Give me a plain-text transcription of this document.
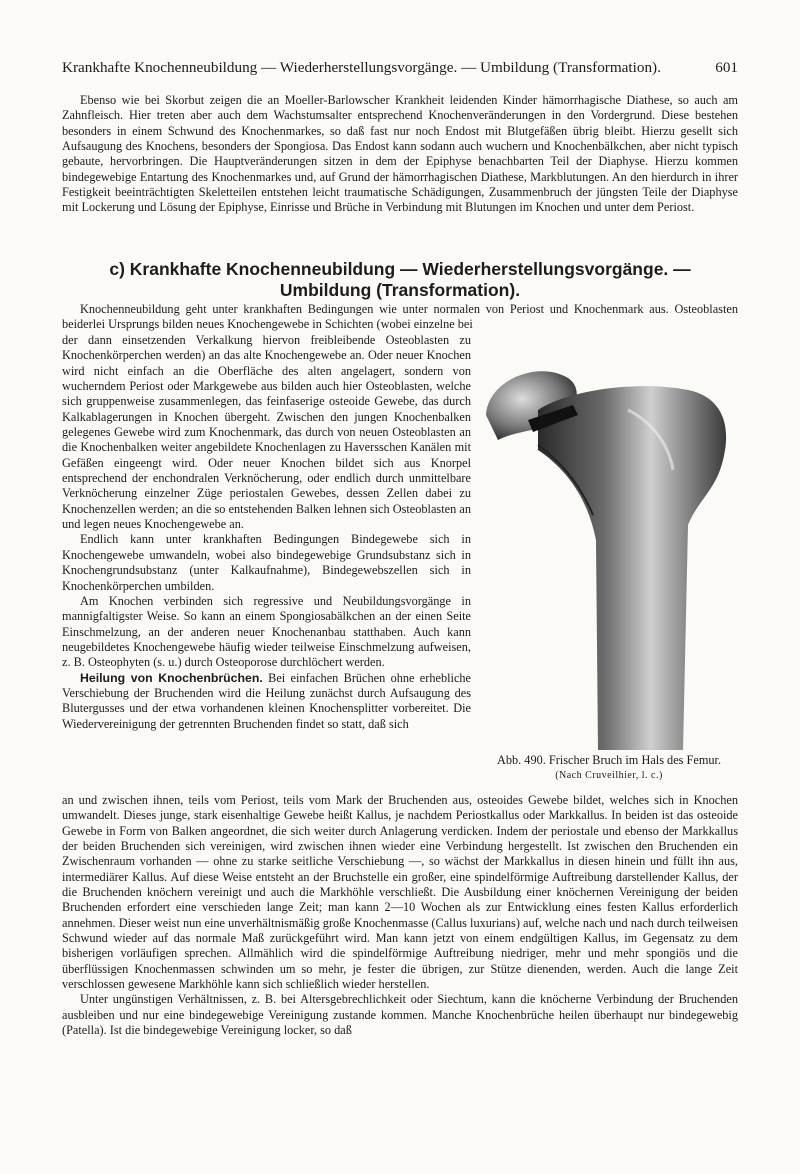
Krankhafte Knochenneubildung — Wiederherstellungsvorgänge. — Umbildung (Transformation).	601

Ebenso wie bei Skorbut zeigen die an Moeller-Barlowscher Krankheit leidenden Kinder hämorrhagische Diathese, so auch am Zahnfleisch. Hier treten aber auch dem Wachstumsalter entsprechend Knochenveränderungen in den Vordergrund. Diese bestehen besonders in einem Schwund des Knochenmarkes, so daß fast nur noch Endost mit Blutgefäßen übrig bleibt. Hierzu gesellt sich Aufsaugung des Knochens, besonders der Spongiosa. Das Endost kann sodann auch wuchern und Knochenbälkchen, aber nicht typisch gebaute, hervorbringen. Die Hauptveränderungen sitzen in dem der Epiphyse benachbarten Teil der Diaphyse. Hierzu kommen bindegewebige Entartung des Knochenmarkes und, auf Grund der hämorrhagischen Diathese, Markblutungen. An den hierdurch in ihrer Festigkeit beeinträchtigten Skeletteilen entstehen leicht traumatische Schädigungen, Zusammenbruch der jüngsten Teile der Diaphyse mit Lockerung und Lösung der Epiphyse, Einrisse und Brüche in Verbindung mit Blutungen im Knochen und unter dem Periost.

c) Krankhafte Knochenneubildung — Wiederherstellungsvorgänge. —
Umbildung (Transformation).

Knochenneubildung geht unter krankhaften Bedingungen wie unter normalen von Periost und Knochenmark aus. Osteoblasten beiderlei Ursprungs bilden neues Knochengewebe in Schichten (wobei einzelne bei

der dann einsetzenden Verkalkung hiervon freibleibende Osteoblasten zu Knochenkörperchen werden) an das alte Knochengewebe an. Oder neuer Knochen wird nicht einfach an die Oberfläche des alten angelagert, sondern von wucherndem Periost oder Markgewebe aus bilden auch hier Osteoblasten, welche sich gruppenweise zusammenlegen, das feinfaserige osteoide Gewebe, das durch Kalkablagerungen in Knochen übergeht. Zwischen den jungen Knochenbalken gelegenes Gewebe wird zum Knochenmark, das durch von neuen Osteoblasten an die Knochenbalken weiter angebildete Knochenlagen zu Haversschen Kanälen mit Gefäßen eingeengt wird. Oder neuer Knochen bildet sich aus Knorpel entsprechend der enchondralen Verknöcherung, oder endlich durch unmittelbare Verknöcherung einzelner Züge periostalen Gewebes, dessen Zellen dabei zu Knochenzellen werden; an die so entstehenden Balken lehnen sich Osteoblasten an und legen neues Knochengewebe an.

Endlich kann unter krankhaften Bedingungen Bindegewebe sich in Knochengewebe umwandeln, wobei also bindegewebige Grundsubstanz sich in Knochengrundsubstanz (unter Kalkaufnahme), Bindegewebszellen sich in Knochenkörperchen umbilden.

Am Knochen verbinden sich regressive und Neubildungsvorgänge in mannigfaltigster Weise. So kann an einem Spongiosabälkchen an der einen Seite Einschmelzung, an der anderen neuer Knochenanbau statthaben. Auch kann neugebildetes Knochengewebe häufig wieder teilweise Einschmelzung aufweisen, z. B. Osteophyten (s. u.) durch Osteoporose durchlöchert werden.

Heilung von Knochenbrüchen. Bei einfachen Brüchen ohne erhebliche Verschiebung der Bruchenden wird die Heilung zunächst durch Aufsaugung des Blutergusses und der etwa vorhandenen kleinen Knochensplitter vorbereitet. Die Wiedervereinigung der getrennten Bruchenden findet so statt, daß sich

Abb. 490. Frischer Bruch im Hals des Femur.
(Nach Cruveilhier, l. c.)

an und zwischen ihnen, teils vom Periost, teils vom Mark der Bruchenden aus, osteoides Gewebe bildet, welches sich in Knochen umwandelt. Dieses junge, stark eisenhaltige Gewebe heißt Kallus, je nachdem Periostkallus oder Markkallus. In beiden ist das osteoide Gewebe in Form von Balken angeordnet, die sich weiter durch Anlagerung verdicken. Indem der periostale und ebenso der Markkallus der beiden Bruchenden sich vereinigen, wird zwischen ihnen wieder eine Verbindung hergestellt. Ist zwischen den Bruchenden ein Zwischenraum vorhanden — ohne zu starke seitliche Verschiebung —, so wächst der Markkallus in diesen hinein und füllt ihn aus, intermediärer Kallus. Auf diese Weise entsteht an der Bruchstelle ein großer, eine spindelförmige Auftreibung darstellender Kallus, der die Bruchenden knöchern vereinigt und auch die Markhöhle verschließt. Die Ausbildung einer knöchernen Vereinigung der beiden Bruchenden erfordert eine verschieden lange Zeit; man kann 2—10 Wochen als zur Entwicklung eines festen Kallus erforderlich annehmen. Dieser weist nun eine unverhältnismäßig große Knochenmasse (Callus luxurians) auf, welche nach und nach durch teilweisen Schwund wieder auf das normale Maß zurückgeführt wird. Man kann jetzt von einem endgültigen Kallus, im Gegensatz zu dem bisherigen vorläufigen sprechen. Allmählich wird die spindelförmige Auftreibung niedriger, mehr und mehr spongiös und die überflüssigen Knochenmassen schwinden um so mehr, je fester die übrigen, zur Stütze dienenden, werden. Auch die lange Zeit verschlossen gewesene Markhöhle kann sich schließlich wieder herstellen.

Unter ungünstigen Verhältnissen, z. B. bei Altersgebrechlichkeit oder Siechtum, kann die knöcherne Verbindung der Bruchenden ausbleiben und nur eine bindegewebige Vereinigung zustande kommen. Manche Knochenbrüche heilen überhaupt nur bindegewebig (Patella). Ist die bindegewebige Vereinigung locker, so daß
